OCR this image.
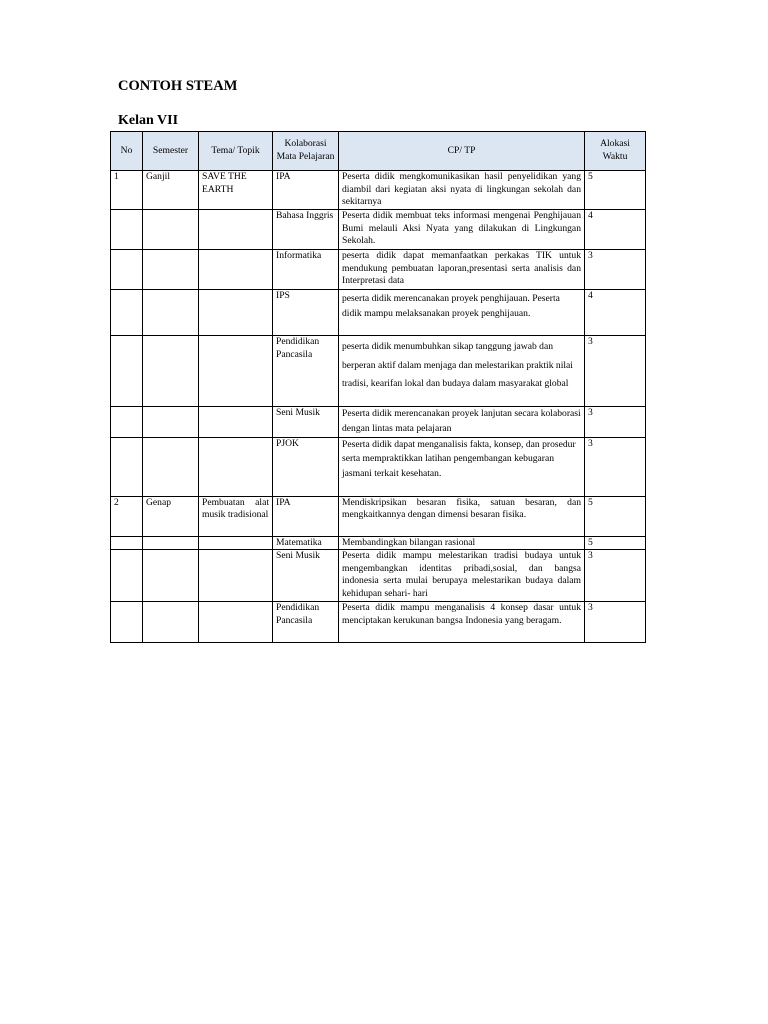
CONTOH STEAM
Kelan VII
No	Semester	Tema/ Topik	Kolaborasi Mata Pelajaran	CP/ TP	Alokasi Waktu
1	Ganjil	SAVE THE EARTH	IPA	Peserta didik mengkomunikasikan hasil penyelidikan yang diambil dari kegiatan aksi nyata di lingkungan sekolah dan sekitarnya	5
			Bahasa Inggris	Peserta didik membuat teks informasi mengenai Penghijauan Bumi melauli Aksi Nyata yang dilakukan di Lingkungan Sekolah.	4
			Informatika	peserta didik dapat memanfaatkan perkakas TIK untuk mendukung pembuatan laporan,presentasi serta analisis dan Interpretasi data	3
			IPS	peserta didik merencanakan proyek penghijauan. Peserta didik mampu melaksanakan proyek penghijauan.	4
			Pendidikan Pancasila	peserta didik menumbuhkan sikap tanggung jawab dan berperan aktif dalam menjaga dan melestarikan praktik nilai tradisi, kearifan lokal dan budaya dalam masyarakat global	3
			Seni Musik	Peserta didik merencanakan proyek lanjutan secara kolaborasi dengan lintas mata pelajaran	3
			PJOK	Peserta didik dapat menganalisis fakta, konsep, dan prosedur serta mempraktikkan latihan pengembangan kebugaran jasmani terkait kesehatan.	3
2	Genap	Pembuatan alat musik tradisional	IPA	Mendiskripsikan besaran fisika, satuan besaran, dan mengkaitkannya dengan dimensi besaran fisika.	5
			Matematika	Membandingkan bilangan rasional	5
			Seni Musik	Peserta didik mampu melestarikan tradisi budaya untuk mengembangkan identitas pribadi,sosial, dan bangsa indonesia serta mulai berupaya melestarikan budaya dalam kehidupan sehari- hari	3
			Pendidikan Pancasila	Peserta didik mampu menganalisis 4 konsep dasar untuk menciptakan kerukunan bangsa Indonesia yang beragam.	3
